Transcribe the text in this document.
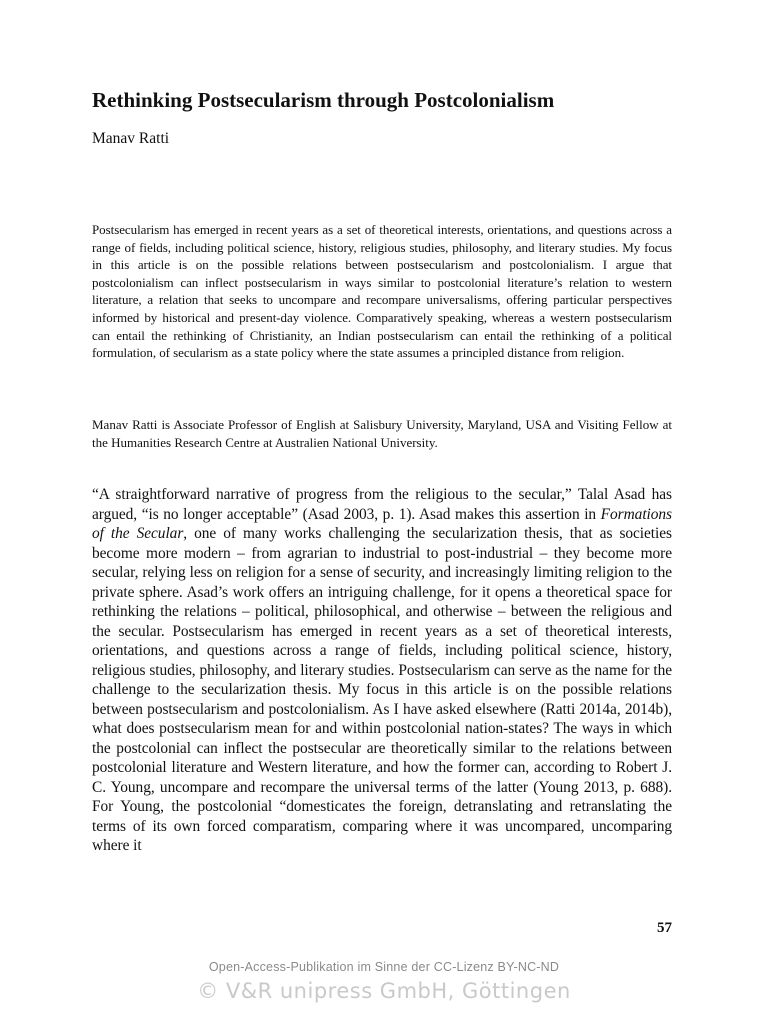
Rethinking Postsecularism through Postcolonialism

Manav Ratti

Postsecularism has emerged in recent years as a set of theoretical interests, orientations, and questions across a range of fields, including political science, history, religious studies, philosophy, and literary studies. My focus in this article is on the possible relations between postsecularism and postcolonialism. I argue that postcolonialism can inflect postsecularism in ways similar to postcolonial literature’s relation to western literature, a relation that seeks to uncompare and recompare universalisms, offering particular perspectives informed by historical and present-day violence. Comparatively speaking, whereas a western postsecularism can entail the rethinking of Christianity, an Indian postsecularism can entail the rethinking of a political formulation, of secularism as a state policy where the state assumes a principled distance from religion.

Manav Ratti is Associate Professor of English at Salisbury University, Maryland, USA and Visiting Fellow at the Humanities Research Centre at Australien National University.

“A straightforward narrative of progress from the religious to the secular,” Talal Asad has argued, “is no longer acceptable” (Asad 2003, p. 1). Asad makes this assertion in Formations of the Secular, one of many works challenging the secularization thesis, that as societies become more modern – from agrarian to industrial to post-industrial – they become more secular, relying less on religion for a sense of security, and increasingly limiting religion to the private sphere. Asad’s work offers an intriguing challenge, for it opens a theoretical space for rethinking the relations – political, philosophical, and otherwise – between the religious and the secular. Postsecularism has emerged in recent years as a set of theoretical interests, orientations, and questions across a range of fields, including political science, history, religious studies, philosophy, and literary studies. Postsecularism can serve as the name for the challenge to the secularization thesis. My focus in this article is on the possible relations between postsecularism and postcolonialism. As I have asked elsewhere (Ratti 2014a, 2014b), what does postsecularism mean for and within postcolonial nation-states? The ways in which the postcolonial can inflect the postsecular are theoretically similar to the relations between postcolonial literature and Western literature, and how the former can, according to Robert J. C. Young, uncompare and recompare the universal terms of the latter (Young 2013, p. 688). For Young, the postcolonial “domesticates the foreign, detranslating and retranslating the terms of its own forced comparatism, comparing where it was uncompared, uncomparing where it

57

Open-Access-Publikation im Sinne der CC-Lizenz BY-NC-ND
© V&R unipress GmbH, Göttingen
